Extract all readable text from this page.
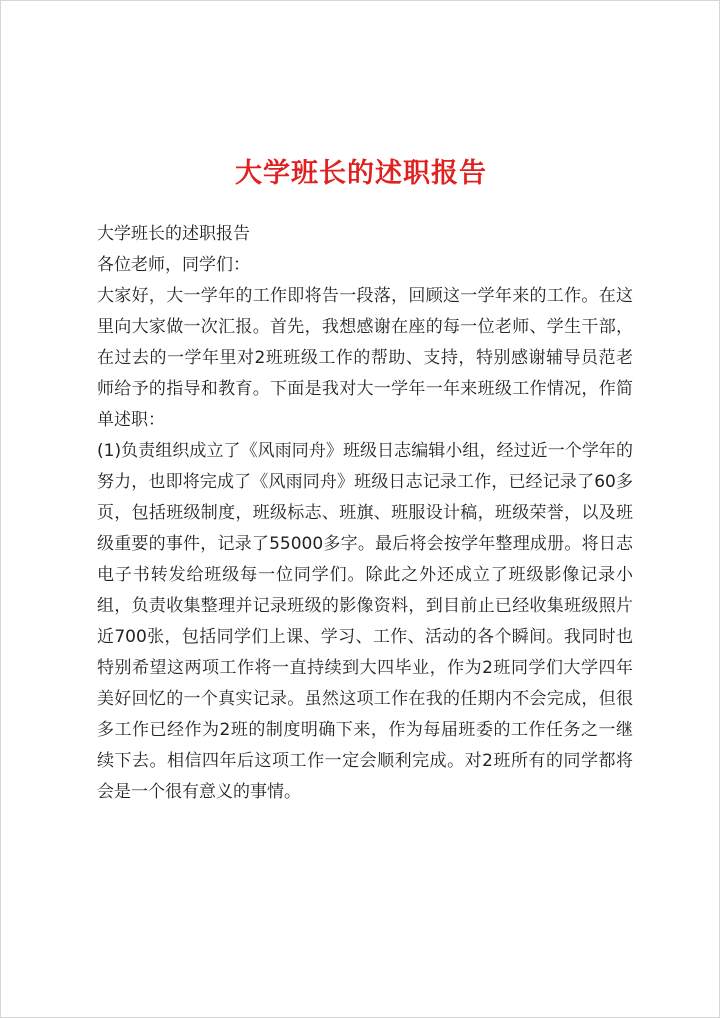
大学班长的述职报告

大学班长的述职报告

各位老师，同学们：

大家好，大一学年的工作即将告一段落，回顾这一学年来的工作。在这里向大家做一次汇报。首先，我想感谢在座的每一位老师、学生干部，在过去的一学年里对2班班级工作的帮助、支持，特别感谢辅导员范老师给予的指导和教育。下面是我对大一学年一年来班级工作情况，作简单述职：

(1)负责组织成立了《风雨同舟》班级日志编辑小组，经过近一个学年的努力，也即将完成了《风雨同舟》班级日志记录工作，已经记录了60多页，包括班级制度，班级标志、班旗、班服设计稿，班级荣誉，以及班级重要的事件，记录了55000多字。最后将会按学年整理成册。将日志电子书转发给班级每一位同学们。除此之外还成立了班级影像记录小组，负责收集整理并记录班级的影像资料，到目前止已经收集班级照片近700张，包括同学们上课、学习、工作、活动的各个瞬间。我同时也特别希望这两项工作将一直持续到大四毕业，作为2班同学们大学四年美好回忆的一个真实记录。虽然这项工作在我的任期内不会完成，但很多工作已经作为2班的制度明确下来，作为每届班委的工作任务之一继续下去。相信四年后这项工作一定会顺利完成。对2班所有的同学都将会是一个很有意义的事情。
